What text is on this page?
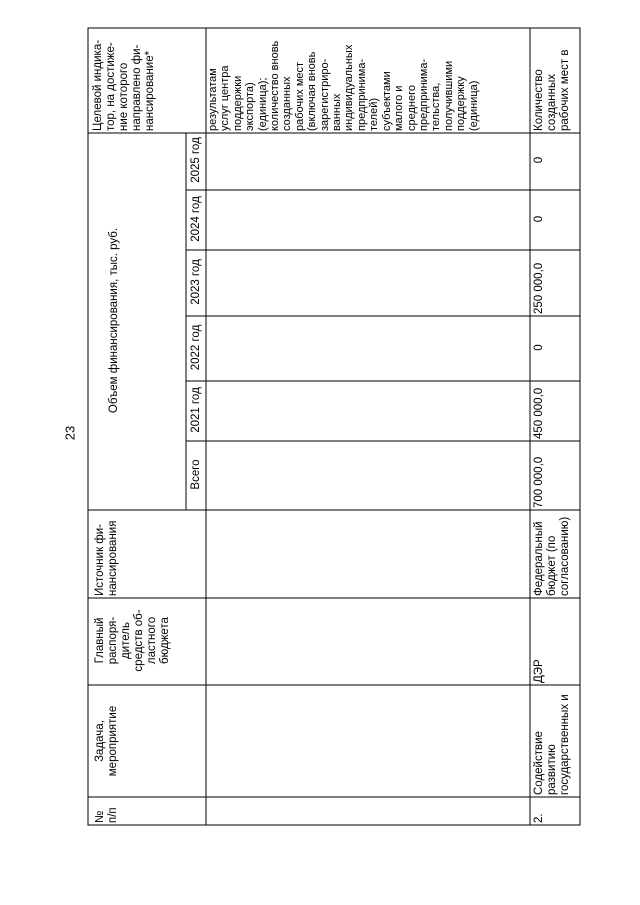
23
№
п/п
Задача, мероприятие
Главный
распоря-
дитель
средств об-
ластного
бюджета
Источник фи-
нансирования
Объем финансирования, тыс. руб.
Всего
2021 год
2022 год
2023 год
2024 год
2025 год
Целевой индика-
тор, на достиже-
ние которого
направлено фи-
нансирование*	результатам
услуг центра
поддержки
экспорта)
(единица);
количество вновь
созданных
рабочих мест
(включая вновь
зарегистриро-
ванных
индивидуальных
предпринима-
телей)
субъектами
малого и
среднего
предпринима-
тельства,
получившими
поддержку
(единица)
2.
Содействие
развитию
государственных и
ДЭР
Федеральный
бюджет (по
согласованию)
700 000,0
450 000,0
0
250 000,0
0
0
Количество
созданных
рабочих мест в
